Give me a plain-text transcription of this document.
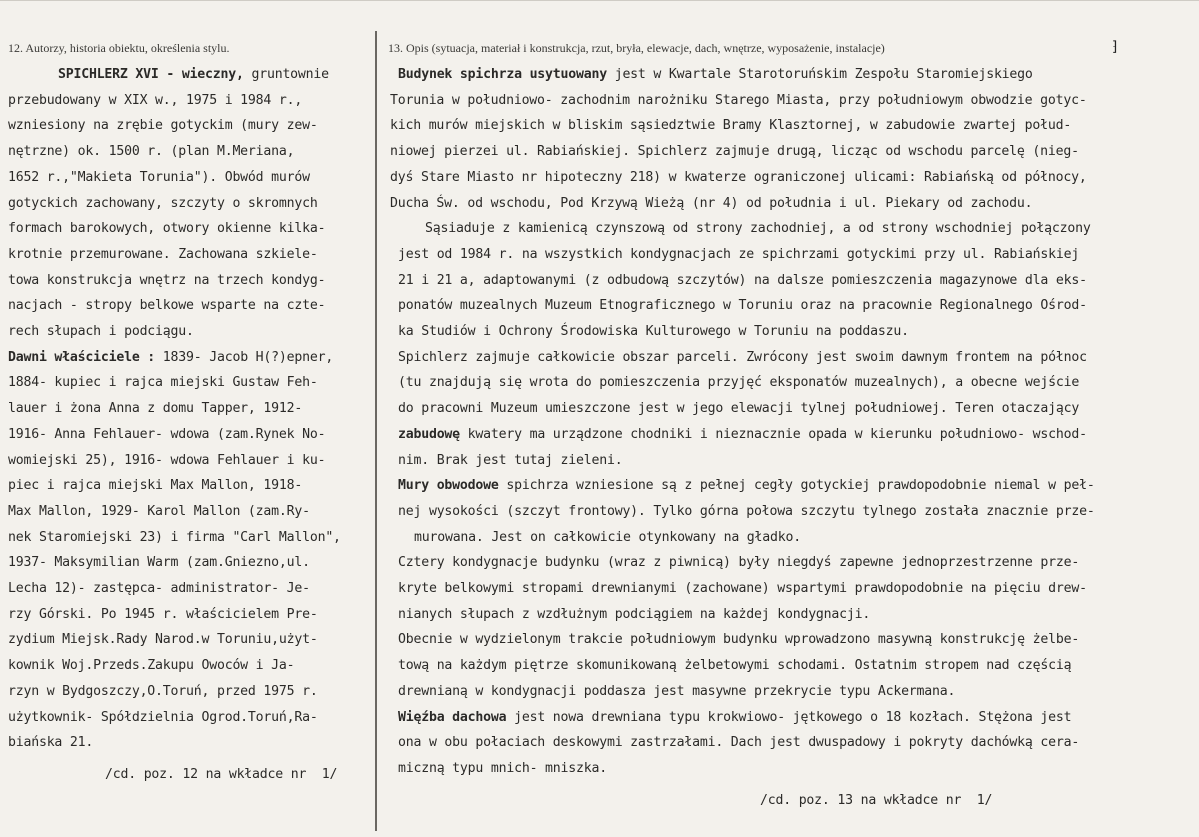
12. Autorzy, historia obiektu, określenia stylu.	13. Opis (sytuacja, materiał i konstrukcja, rzut, bryła, elewacje, dach, wnętrze, wyposażenie, instalacje)	⁆
SPICHLERZ XVI - wieczny, gruntownie
przebudowany w XIX w., 1975 i 1984 r.,
wzniesiony na zrębie gotyckim (mury zew-
nętrzne) ok. 1500 r. (plan M.Meriana,
1652 r.,"Makieta Torunia"). Obwód murów
gotyckich zachowany, szczyty o skromnych
formach barokowych, otwory okienne kilka-
krotnie przemurowane. Zachowana szkiele-
towa konstrukcja wnętrz na trzech kondyg-
nacjach - stropy belkowe wsparte na czte-
rech słupach i podciągu.
Dawni właściciele : 1839- Jacob H(?)epner,
1884- kupiec i rajca miejski Gustaw Feh-
lauer i żona Anna z domu Tapper, 1912-
1916- Anna Fehlauer- wdowa (zam.Rynek No-
womiejski 25), 1916- wdowa Fehlauer i ku-
piec i rajca miejski Max Mallon, 1918-
Max Mallon, 1929- Karol Mallon (zam.Ry-
nek Staromiejski 23) i firma "Carl Mallon",
1937- Maksymilian Warm (zam.Gniezno,ul.
Lecha 12)- zastępca- administrator- Je-
rzy Górski. Po 1945 r. właścicielem Pre-
zydium Miejsk.Rady Narod.w Toruniu,użyt-
kownik Woj.Przeds.Zakupu Owoców i Ja-
rzyn w Bydgoszczy,O.Toruń, przed 1975 r.
użytkownik- Spółdzielnia Ogrod.Toruń,Ra-
biańska 21.
/cd. poz. 12 na wkładce nr  1/
Budynek spichrza usytuowany jest w Kwartale Starotoruńskim Zespołu Staromiejskiego
Torunia w południowo- zachodnim narożniku Starego Miasta, przy południowym obwodzie gotyc-
kich murów miejskich w bliskim sąsiedztwie Bramy Klasztornej, w zabudowie zwartej połud-
niowej pierzei ul. Rabiańskiej. Spichlerz zajmuje drugą, licząc od wschodu parcelę (nieg-
dyś Stare Miasto nr hipoteczny 218) w kwaterze ograniczonej ulicami: Rabiańską od północy,
Ducha Św. od wschodu, Pod Krzywą Wieżą (nr 4) od południa i ul. Piekary od zachodu.
Sąsiaduje z kamienicą czynszową od strony zachodniej, a od strony wschodniej połączony
jest od 1984 r. na wszystkich kondygnacjach ze spichrzami gotyckimi przy ul. Rabiańskiej
21 i 21 a, adaptowanymi (z odbudową szczytów) na dalsze pomieszczenia magazynowe dla eks-
ponatów muzealnych Muzeum Etnograficznego w Toruniu oraz na pracownie Regionalnego Ośrod-
ka Studiów i Ochrony Środowiska Kulturowego w Toruniu na poddaszu.
Spichlerz zajmuje całkowicie obszar parceli. Zwrócony jest swoim dawnym frontem na północ
(tu znajdują się wrota do pomieszczenia przyjęć eksponatów muzealnych), a obecne wejście
do pracowni Muzeum umieszczone jest w jego elewacji tylnej południowej. Teren otaczający
zabudowę kwatery ma urządzone chodniki i nieznacznie opada w kierunku południowo- wschod-
nim. Brak jest tutaj zieleni.
Mury obwodowe spichrza wzniesione są z pełnej cegły gotyckiej prawdopodobnie niemal w peł-
nej wysokości (szczyt frontowy). Tylko górna połowa szczytu tylnego została znacznie prze-
murowana. Jest on całkowicie otynkowany na gładko.
Cztery kondygnacje budynku (wraz z piwnicą) były niegdyś zapewne jednoprzestrzenne prze-
kryte belkowymi stropami drewnianymi (zachowane) wspartymi prawdopodobnie na pięciu drew-
nianych słupach z wzdłużnym podciągiem na każdej kondygnacji.
Obecnie w wydzielonym trakcie południowym budynku wprowadzono masywną konstrukcję żelbe-
tową na każdym piętrze skomunikowaną żelbetowymi schodami. Ostatnim stropem nad częścią
drewnianą w kondygnacji poddasza jest masywne przekrycie typu Ackermana.
Więźba dachowa jest nowa drewniana typu krokwiowo- jętkowego o 18 kozłach. Stężona jest
ona w obu połaciach deskowymi zastrzałami. Dach jest dwuspadowy i pokryty dachówką cera-
miczną typu mnich- mniszka.
/cd. poz. 13 na wkładce nr  1/
